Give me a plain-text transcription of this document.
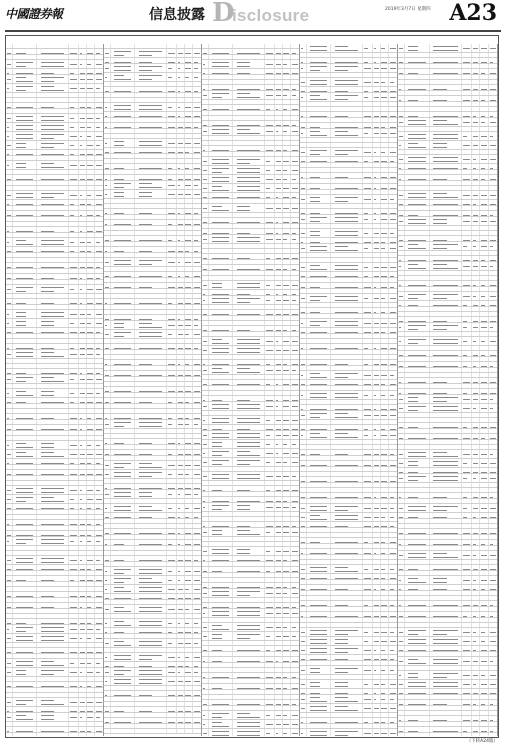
中國證券報	信息披露 D
isclosure	2019年3月7日 星期四 A23
（下转A24版）
